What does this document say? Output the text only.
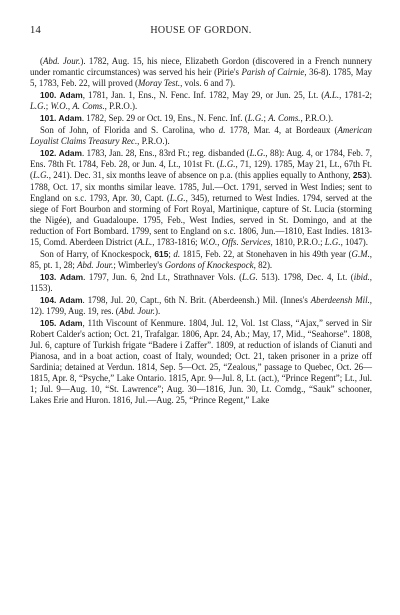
14	HOUSE OF GORDON.

(Abd. Jour.). 1782, Aug. 15, his niece, Elizabeth Gordon (discovered in a French nunnery under romantic circumstances) was served his heir (Pirie's Parish of Cairnie, 36-8). 1785, May 5, 1783, Feb. 22, will proved (Moray Test., vols. 6 and 7).

100. Adam, 1781, Jan. 1, Ens., N. Fenc. Inf. 1782, May 29, or Jun. 25, Lt. (A.L., 1781-2; L.G.; W.O., A. Coms., P.R.O.).

101. Adam. 1782, Sep. 29 or Oct. 19, Ens., N. Fenc. Inf. (L.G.; A. Coms., P.R.O.).

Son of John, of Florida and S. Carolina, who d. 1778, Mar. 4, at Bordeaux (American Loyalist Claims Treasury Rec., P.R.O.).

102. Adam. 1783, Jan. 28, Ens., 83rd Ft.; reg. disbanded (L.G., 88): Aug. 4, or 1784, Feb. 7, Ens. 78th Ft. 1784, Feb. 28, or Jun. 4, Lt., 101st Ft. (L.G., 71, 129). 1785, May 21, Lt., 67th Ft. (L.G., 241). Dec. 31, six months leave of absence on p.a. (this applies equally to Anthony, 253). 1788, Oct. 17, six months similar leave. 1785, Jul.—Oct. 1791, served in West Indies; sent to England on s.c. 1793, Apr. 30, Capt. (L.G., 345), returned to West Indies. 1794, served at the siege of Fort Bourbon and storming of Fort Royal, Martinique, capture of St. Lucia (storming the Nigée), and Guadaloupe. 1795, Feb., West Indies, served in St. Domingo, and at the reduction of Fort Bombard. 1799, sent to England on s.c. 1806, Jun.—1810, East Indies. 1813-15, Comd. Aberdeen District (A.L., 1783-1816; W.O., Offs. Services, 1810, P.R.O.; L.G., 1047).

Son of Harry, of Knockespock, 615; d. 1815, Feb. 22, at Stonehaven in his 49th year (G.M., 85, pt. 1, 28; Abd. Jour.; Wimberley's Gordons of Knockespock, 82).

103. Adam. 1797, Jun. 6, 2nd Lt., Strathnaver Vols. (L.G. 513). 1798, Dec. 4, Lt. (ibid., 1153).

104. Adam. 1798, Jul. 20, Capt., 6th N. Brit. (Aberdeensh.) Mil. (Innes's Aberdeensh Mil., 12). 1799, Aug. 19, res. (Abd. Jour.).

105. Adam, 11th Viscount of Kenmure. 1804, Jul. 12, Vol. 1st Class, “Ajax,” served in Sir Robert Calder's action; Oct. 21, Trafalgar. 1806, Apr. 24, Ab.; May, 17, Mid., “Seahorse”. 1808, Jul. 6, capture of Turkish frigate “Badere i Zaffer”. 1809, at reduction of islands of Cianuti and Pianosa, and in a boat action, coast of Italy, wounded; Oct. 21, taken prisoner in a prize off Sardinia; detained at Verdun. 1814, Sep. 5—Oct. 25, “Zealous,” passage to Quebec, Oct. 26—1815, Apr. 8, “Psyche,” Lake Ontario. 1815, Apr. 9—Jul. 8, Lt. (act.), “Prince Regent”; Lt., Jul. 1; Jul. 9—Aug. 10, “St. Lawrence”; Aug. 30—1816, Jun. 30, Lt. Comdg., “Sauk” schooner, Lakes Erie and Huron. 1816, Jul.—Aug. 25, “Prince Regent,” Lake
